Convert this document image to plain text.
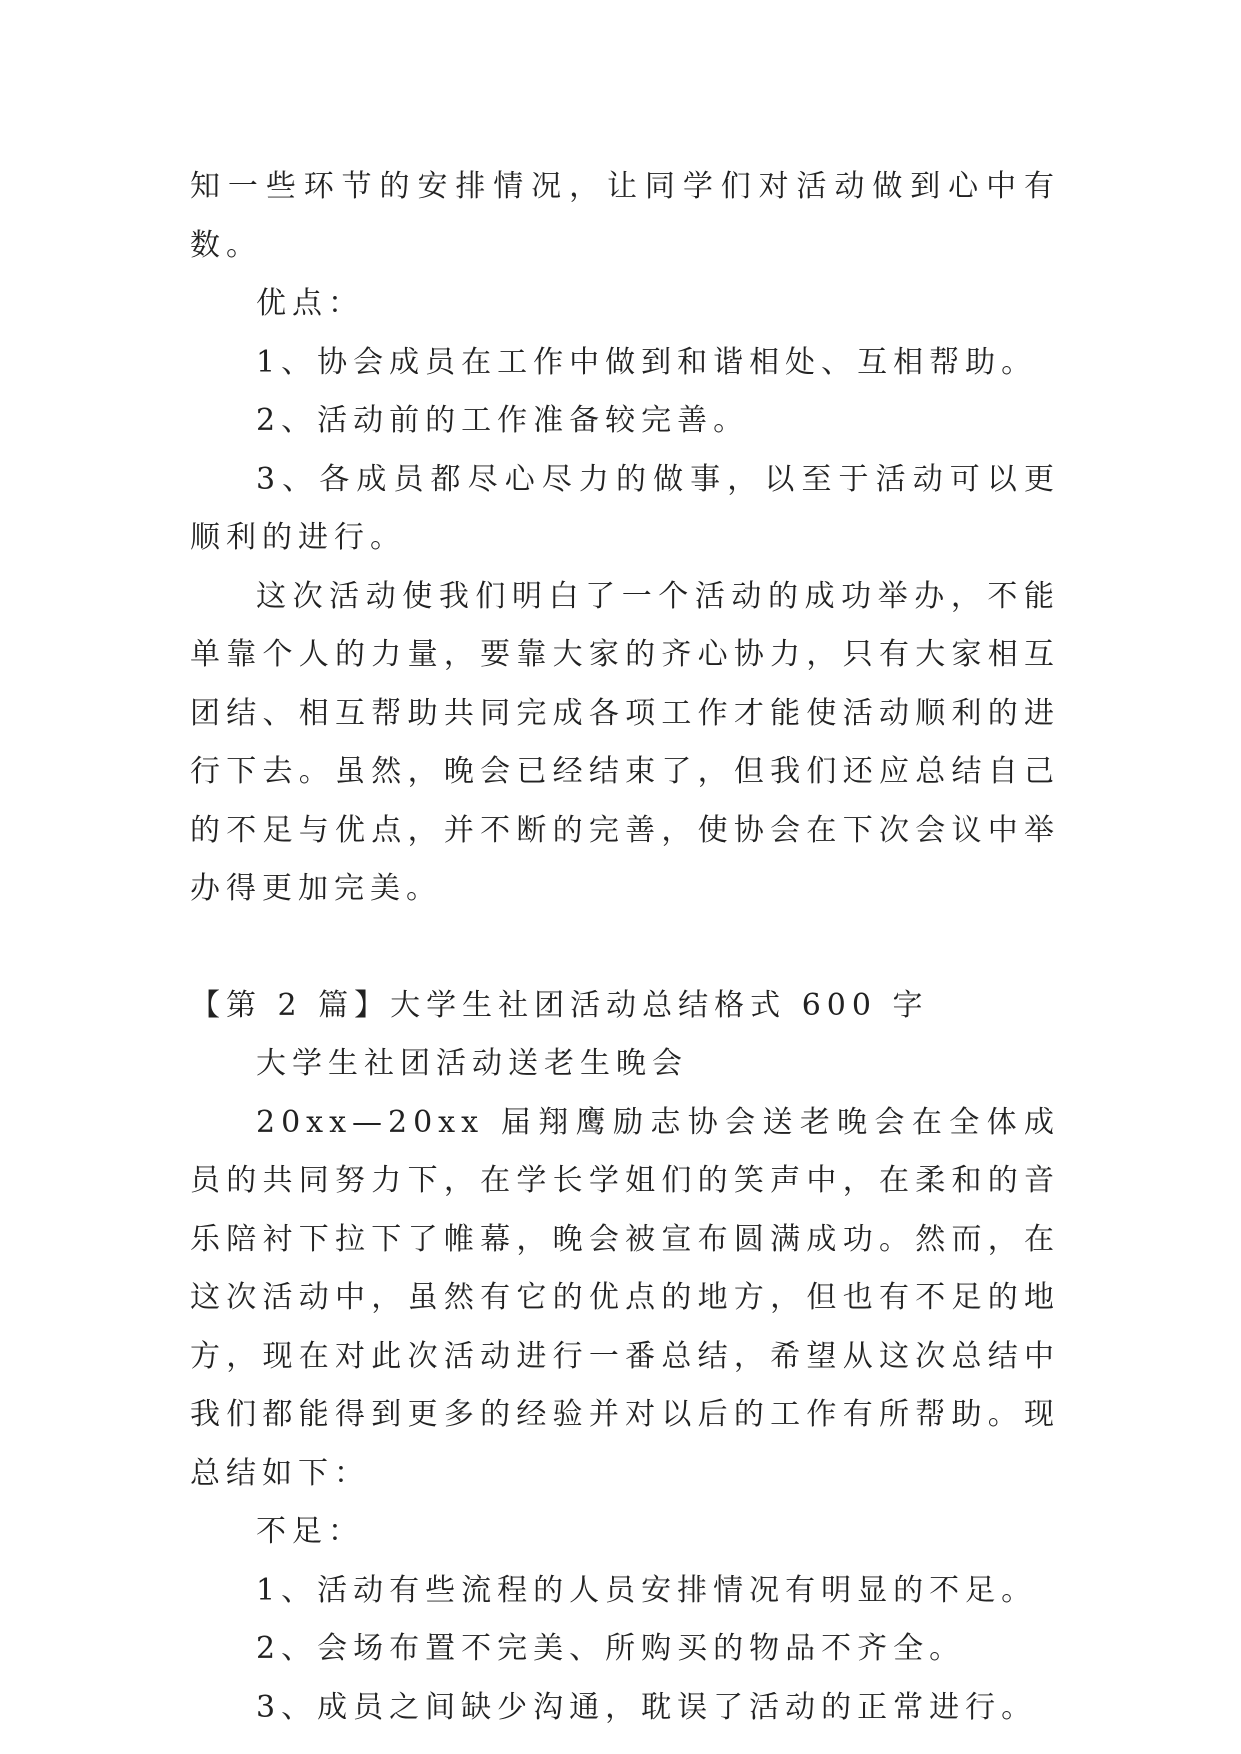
知一些环节的安排情况，让同学们对活动做到心中有数。

优点：

1、协会成员在工作中做到和谐相处、互相帮助。

2、活动前的工作准备较完善。

3、各成员都尽心尽力的做事，以至于活动可以更顺利的进行。

这次活动使我们明白了一个活动的成功举办，不能单靠个人的力量，要靠大家的齐心协力，只有大家相互团结、相互帮助共同完成各项工作才能使活动顺利的进行下去。虽然，晚会已经结束了，但我们还应总结自己的不足与优点，并不断的完善，使协会在下次会议中举办得更加完美。

【第 2 篇】大学生社团活动总结格式 600 字

大学生社团活动送老生晚会

20xx—20xx 届翔鹰励志协会送老晚会在全体成员的共同努力下，在学长学姐们的笑声中，在柔和的音乐陪衬下拉下了帷幕，晚会被宣布圆满成功。然而，在这次活动中，虽然有它的优点的地方，但也有不足的地方，现在对此次活动进行一番总结，希望从这次总结中我们都能得到更多的经验并对以后的工作有所帮助。现总结如下：

不足：

1、活动有些流程的人员安排情况有明显的不足。

2、会场布置不完美、所购买的物品不齐全。

3、成员之间缺少沟通，耽误了活动的正常进行。
